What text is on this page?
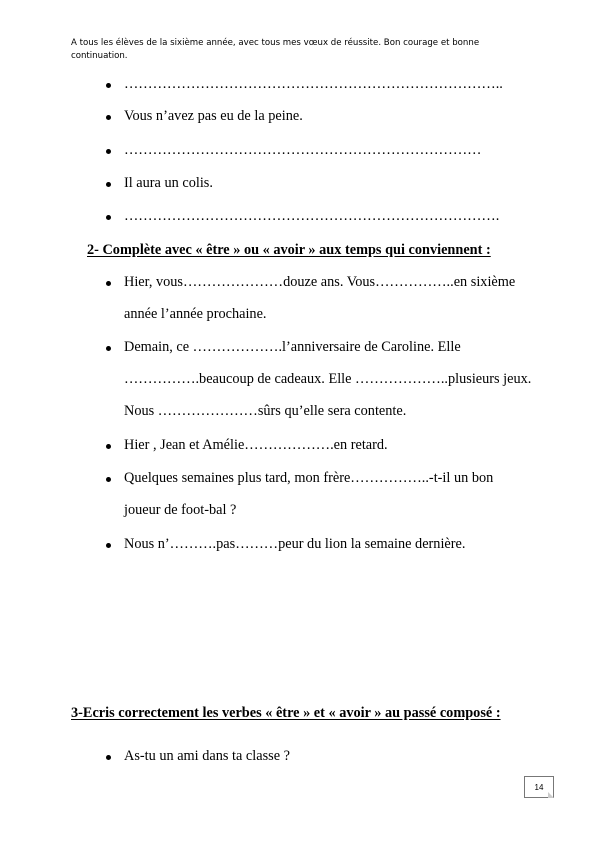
A tous les élèves de la sixième année, avec tous mes vœux de réussite. Bon courage et bonne continuation.
……………………………………………………………………..
Vous n’avez pas eu de la peine.
…………………………………………………………………
Il aura un colis.
…………………………………………………………………….
2- Complète avec « être » ou « avoir » aux temps qui conviennent :
Hier, vous…………………douze ans. Vous……………..en sixième
année l’année prochaine.
Demain, ce ……………….l’anniversaire de Caroline. Elle
…………….beaucoup de cadeaux. Elle ………………..plusieurs jeux.
Nous …………………sûrs qu’elle sera contente.
Hier , Jean et Amélie……………….en retard.
Quelques semaines plus tard, mon frère……………..-t-il un bon
joueur de foot-bal ?
Nous n’……….pas………peur du lion la semaine dernière.
3-Ecris correctement les verbes « être » et « avoir » au passé composé :
As-tu un ami dans ta classe ?
14
